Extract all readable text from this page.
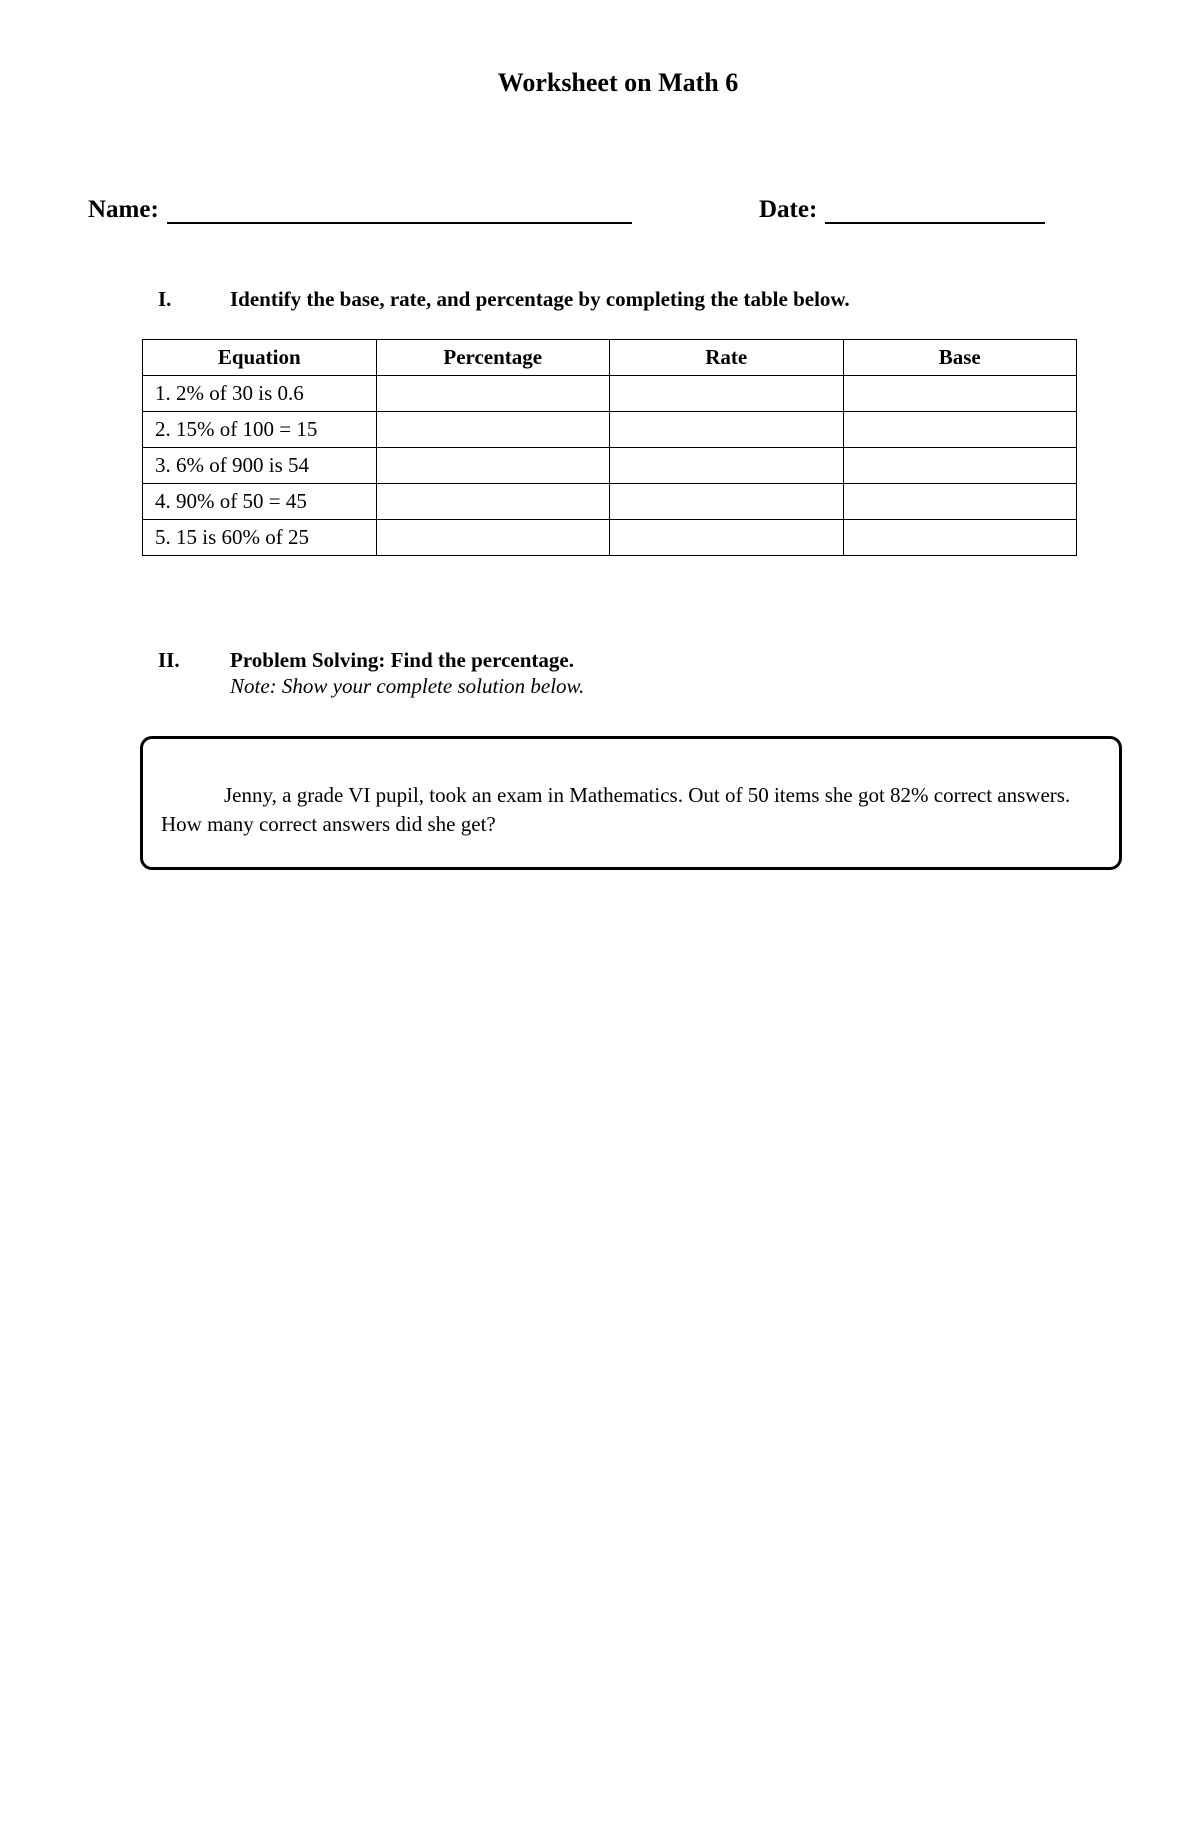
Worksheet on Math 6
Name:	Date:
I.	Identify the base, rate, and percentage by completing the table below.
Equation	Percentage	Rate	Base
1. 2% of 30 is 0.6			
2. 15% of 100 = 15			
3. 6% of 900 is 54			
4. 90% of 50 = 45			
5. 15 is 60% of 25			
II. Problem Solving: Find the percentage.
Note: Show your complete solution below.
Jenny, a grade VI pupil, took an exam in Mathematics. Out of 50 items she got 82% correct answers. How many correct answers did she get?
